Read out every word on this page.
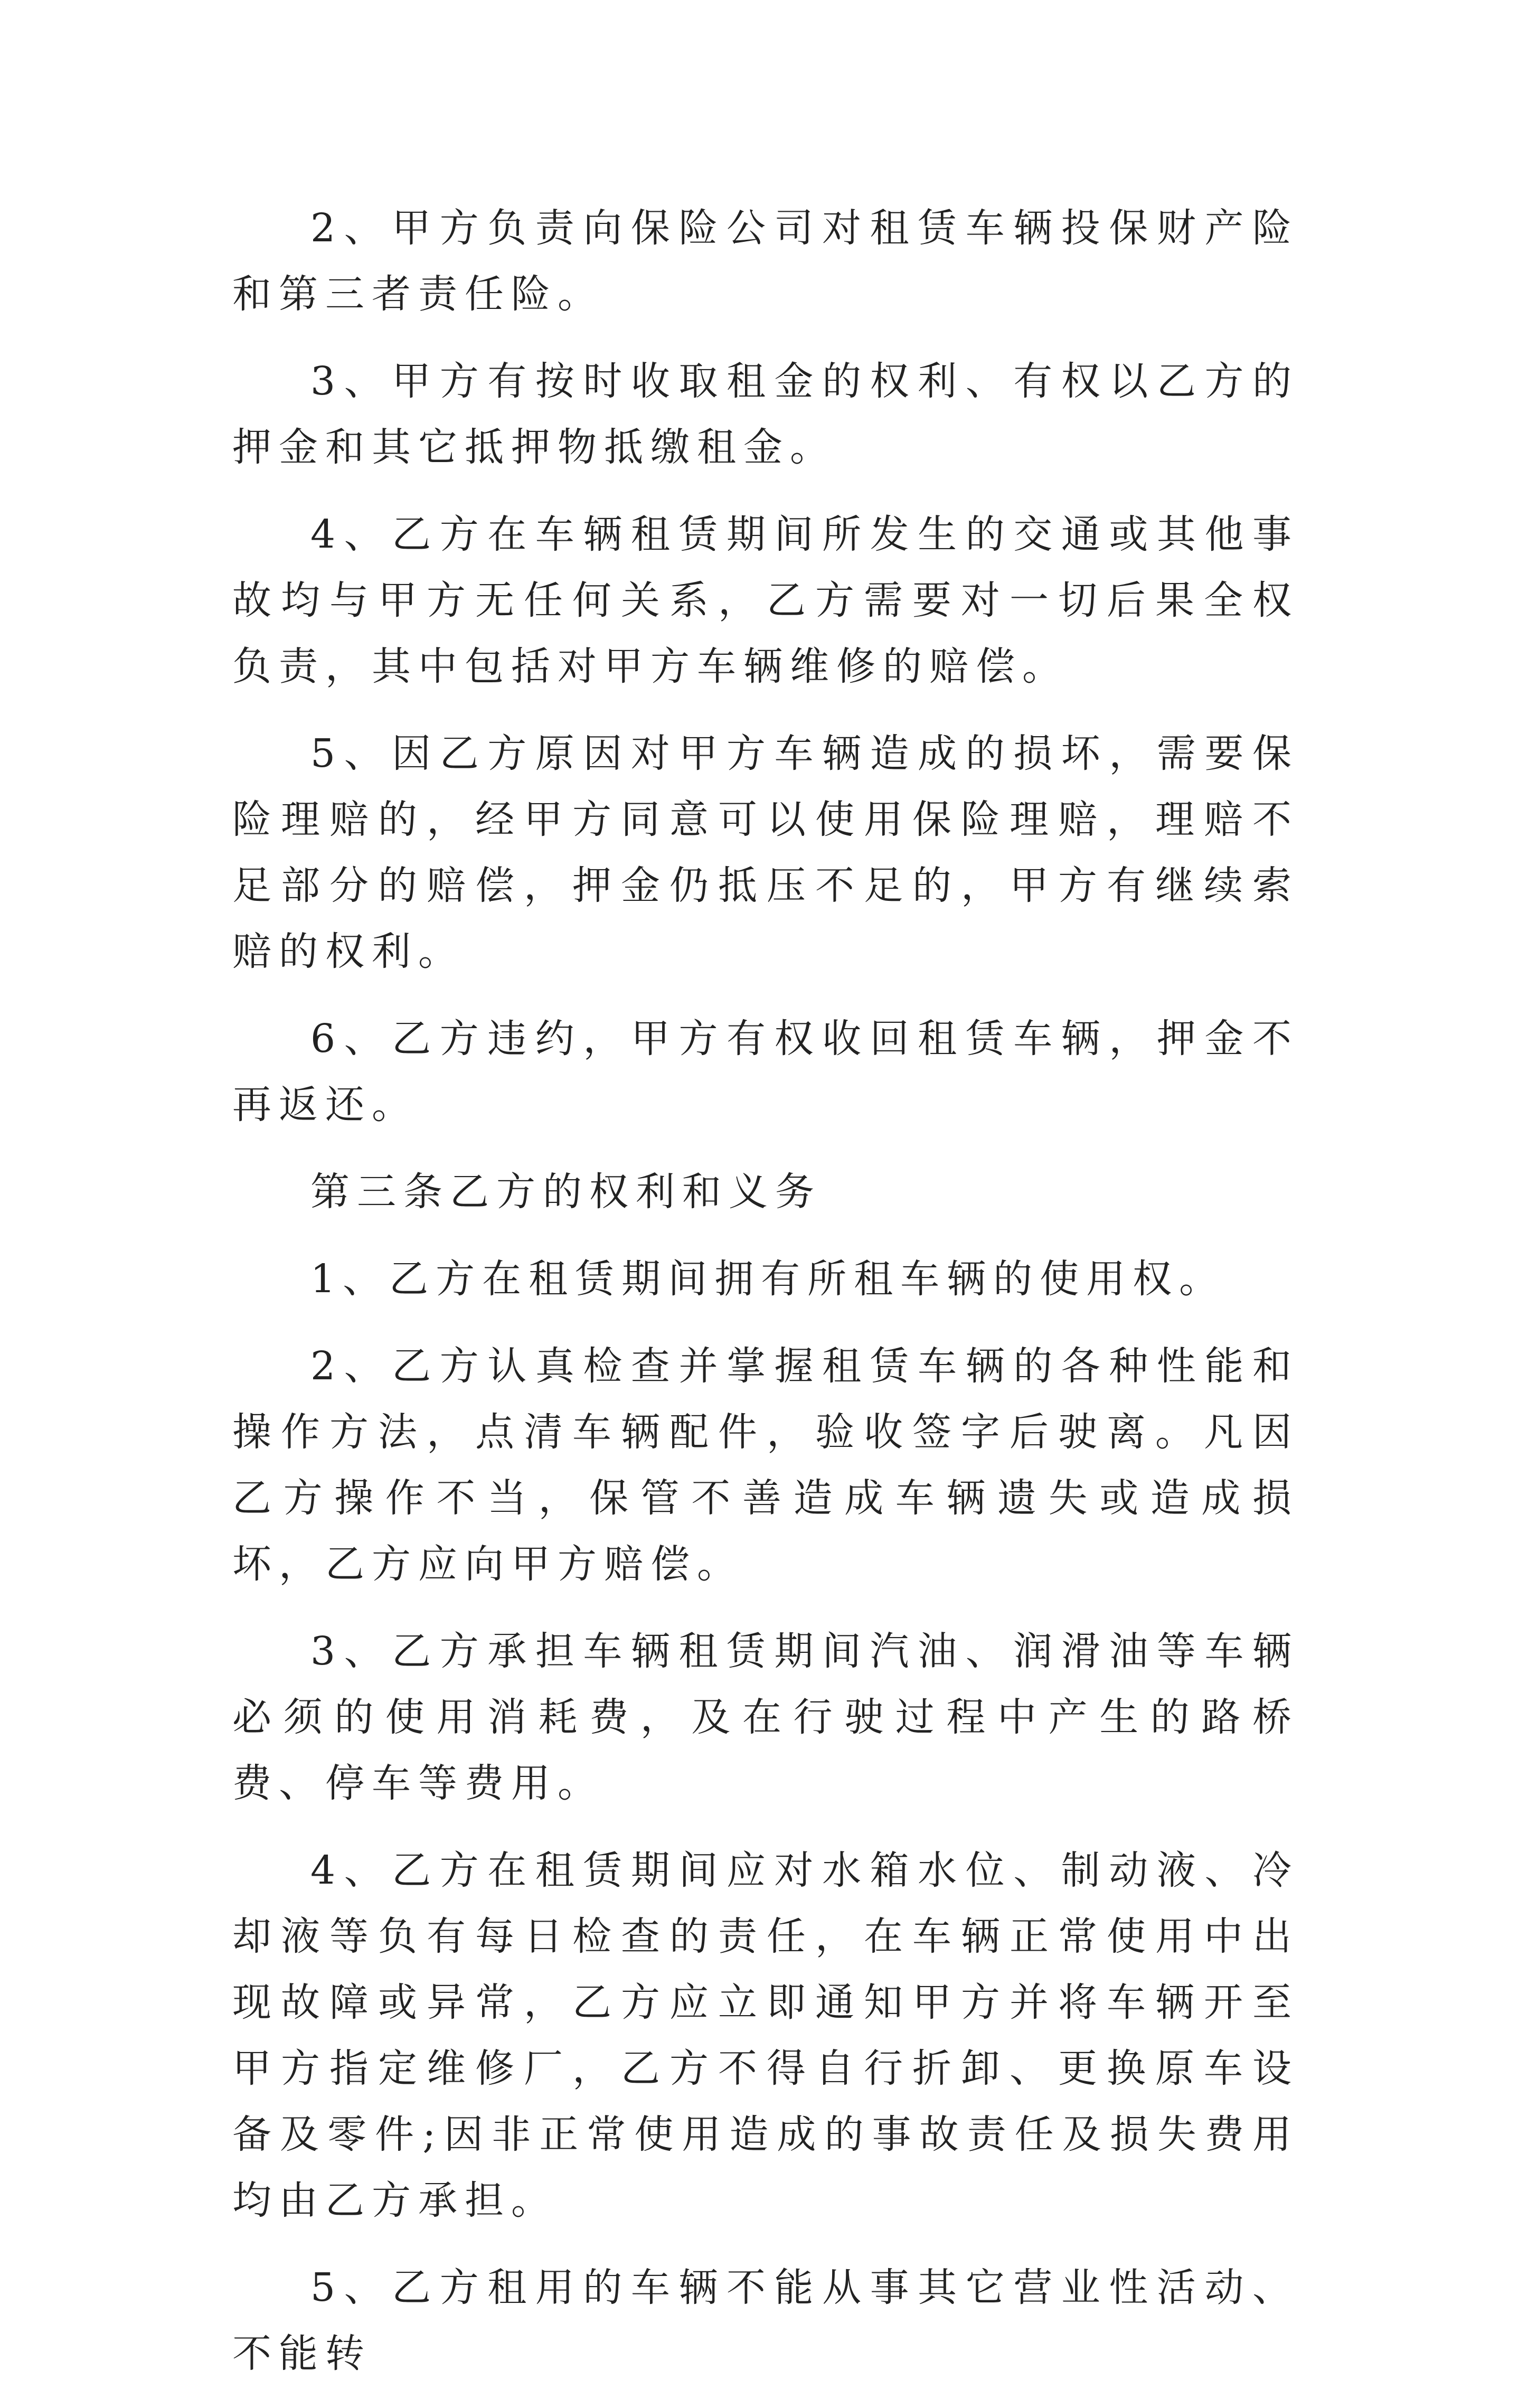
2、甲方负责向保险公司对租赁车辆投保财产险和第三者责任险。

3、甲方有按时收取租金的权利、有权以乙方的押金和其它抵押物抵缴租金。

4、乙方在车辆租赁期间所发生的交通或其他事故均与甲方无任何关系，乙方需要对一切后果全权负责，其中包括对甲方车辆维修的赔偿。

5、因乙方原因对甲方车辆造成的损坏，需要保险理赔的，经甲方同意可以使用保险理赔，理赔不足部分的赔偿，押金仍抵压不足的，甲方有继续索赔的权利。

6、乙方违约，甲方有权收回租赁车辆，押金不再返还。

第三条乙方的权利和义务

1、乙方在租赁期间拥有所租车辆的使用权。

2、乙方认真检查并掌握租赁车辆的各种性能和操作方法，点清车辆配件，验收签字后驶离。凡因乙方操作不当，保管不善造成车辆遗失或造成损坏，乙方应向甲方赔偿。

3、乙方承担车辆租赁期间汽油、润滑油等车辆必须的使用消耗费，及在行驶过程中产生的路桥费、停车等费用。

4、乙方在租赁期间应对水箱水位、制动液、冷却液等负有每日检查的责任，在车辆正常使用中出现故障或异常，乙方应立即通知甲方并将车辆开至甲方指定维修厂，乙方不得自行折卸、更换原车设备及零件;因非正常使用造成的事故责任及损失费用均由乙方承担。

5、乙方租用的车辆不能从事其它营业性活动、不能转
